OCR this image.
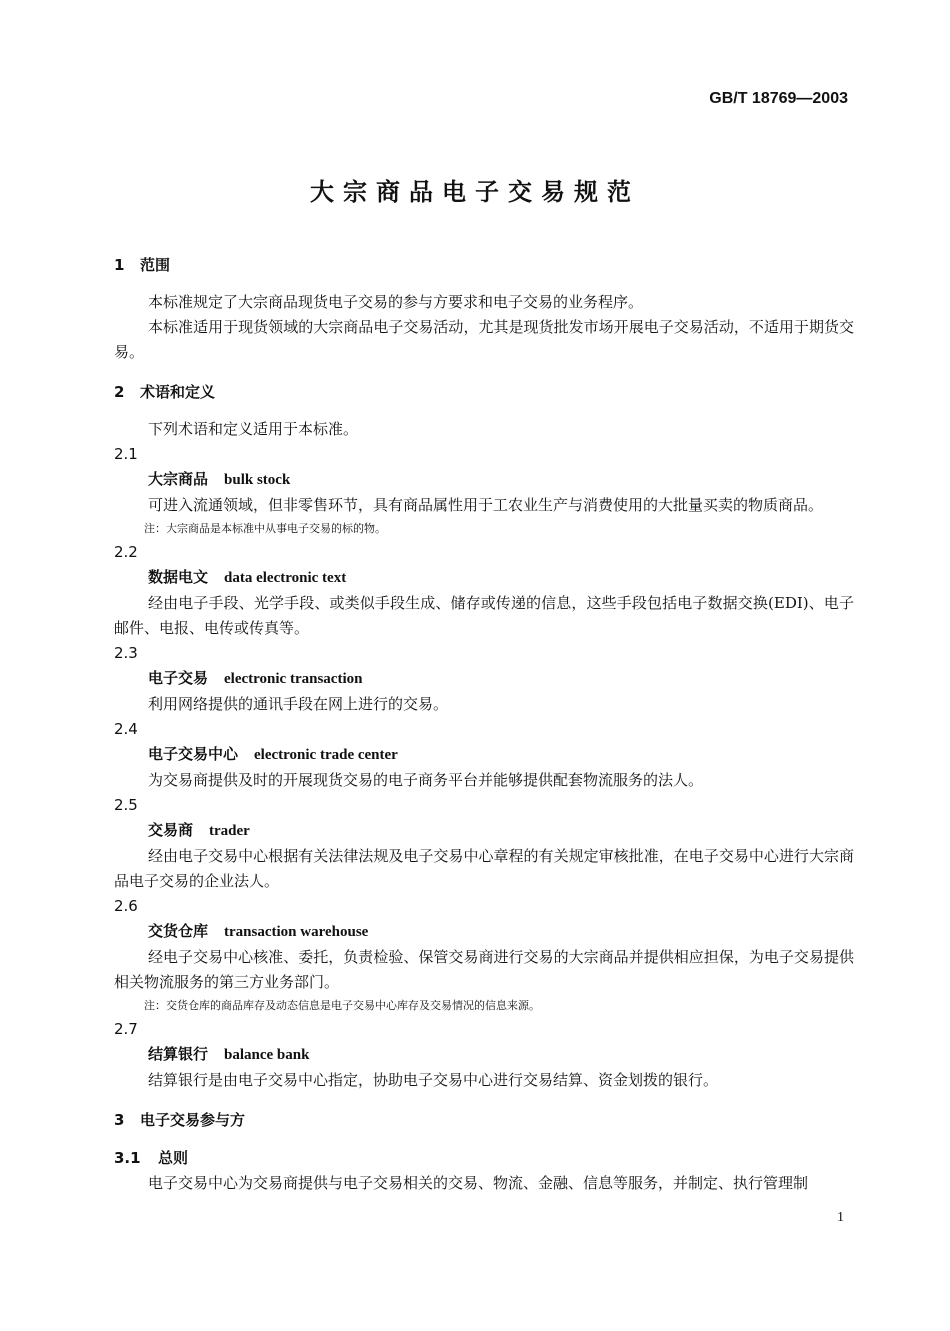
GB/T 18769—2003
大宗商品电子交易规范

1 范围

本标准规定了大宗商品现货电子交易的参与方要求和电子交易的业务程序。

本标准适用于现货领域的大宗商品电子交易活动，尤其是现货批发市场开展电子交易活动，不适用于期货交易。

2 术语和定义

下列术语和定义适用于本标准。

2.1

大宗商品 bulk stock

可进入流通领域，但非零售环节，具有商品属性用于工农业生产与消费使用的大批量买卖的物质商品。

注：大宗商品是本标准中从事电子交易的标的物。

2.2

数据电文 data electronic text

经由电子手段、光学手段、或类似手段生成、储存或传递的信息，这些手段包括电子数据交换(EDI)、电子邮件、电报、电传或传真等。

2.3

电子交易 electronic transaction

利用网络提供的通讯手段在网上进行的交易。

2.4

电子交易中心 electronic trade center

为交易商提供及时的开展现货交易的电子商务平台并能够提供配套物流服务的法人。

2.5

交易商 trader

经由电子交易中心根据有关法律法规及电子交易中心章程的有关规定审核批准，在电子交易中心进行大宗商品电子交易的企业法人。

2.6

交货仓库 transaction warehouse

经电子交易中心核准、委托，负责检验、保管交易商进行交易的大宗商品并提供相应担保，为电子交易提供相关物流服务的第三方业务部门。

注：交货仓库的商品库存及动态信息是电子交易中心库存及交易情况的信息来源。

2.7

结算银行 balance bank

结算银行是由电子交易中心指定，协助电子交易中心进行交易结算、资金划拨的银行。

3 电子交易参与方

3.1 总则

电子交易中心为交易商提供与电子交易相关的交易、物流、金融、信息等服务，并制定、执行管理制

1
